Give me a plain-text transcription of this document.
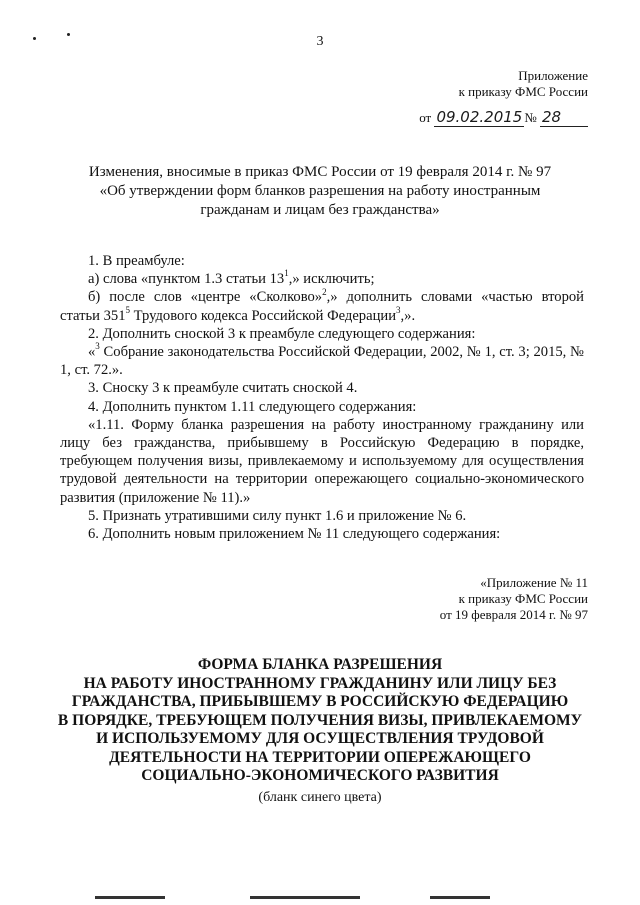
3
Приложение
к приказу ФМС России
от 09.02.2015 № 28
Изменения, вносимые в приказ ФМС России от 19 февраля 2014 г. № 97
«Об утверждении форм бланков разрешения на работу иностранным
гражданам и лицам без гражданства»

1. В преамбуле:

а) слова «пунктом 1.3 статьи $13^1$,» исключить;

б) после слов «центре «Сколково»$^2$,» дополнить словами «частью второй статьи $351^5$ Трудового кодекса Российской Федерации$^3$,».

2. Дополнить сноской 3 к преамбуле следующего содержания:

«$^3$ Собрание законодательства Российской Федерации, 2002, № 1, ст. 3; 2015, № 1, ст. 72.».

3. Сноску 3 к преамбуле считать сноской 4.

4. Дополнить пунктом 1.11 следующего содержания:

«1.11. Форму бланка разрешения на работу иностранному гражданину или лицу без гражданства, прибывшему в Российскую Федерацию в порядке, требующем получения визы, привлекаемому и используемому для осуществления трудовой деятельности на территории опережающего социально-экономического развития (приложение № 11).»

5. Признать утратившими силу пункт 1.6 и приложение № 6.

6. Дополнить новым приложением № 11 следующего содержания:

«Приложение № 11
к приказу ФМС России
от 19 февраля 2014 г. № 97
ФОРМА БЛАНКА РАЗРЕШЕНИЯ
НА РАБОТУ ИНОСТРАННОМУ ГРАЖДАНИНУ ИЛИ ЛИЦУ БЕЗ
ГРАЖДАНСТВА, ПРИБЫВШЕМУ В РОССИЙСКУЮ ФЕДЕРАЦИЮ
В ПОРЯДКЕ, ТРЕБУЮЩЕМ ПОЛУЧЕНИЯ ВИЗЫ, ПРИВЛЕКАЕМОМУ
И ИСПОЛЬЗУЕМОМУ ДЛЯ ОСУЩЕСТВЛЕНИЯ ТРУДОВОЙ
ДЕЯТЕЛЬНОСТИ НА ТЕРРИТОРИИ ОПЕРЕЖАЮЩЕГО
СОЦИАЛЬНО-ЭКОНОМИЧЕСКОГО РАЗВИТИЯ
(бланк синего цвета)
